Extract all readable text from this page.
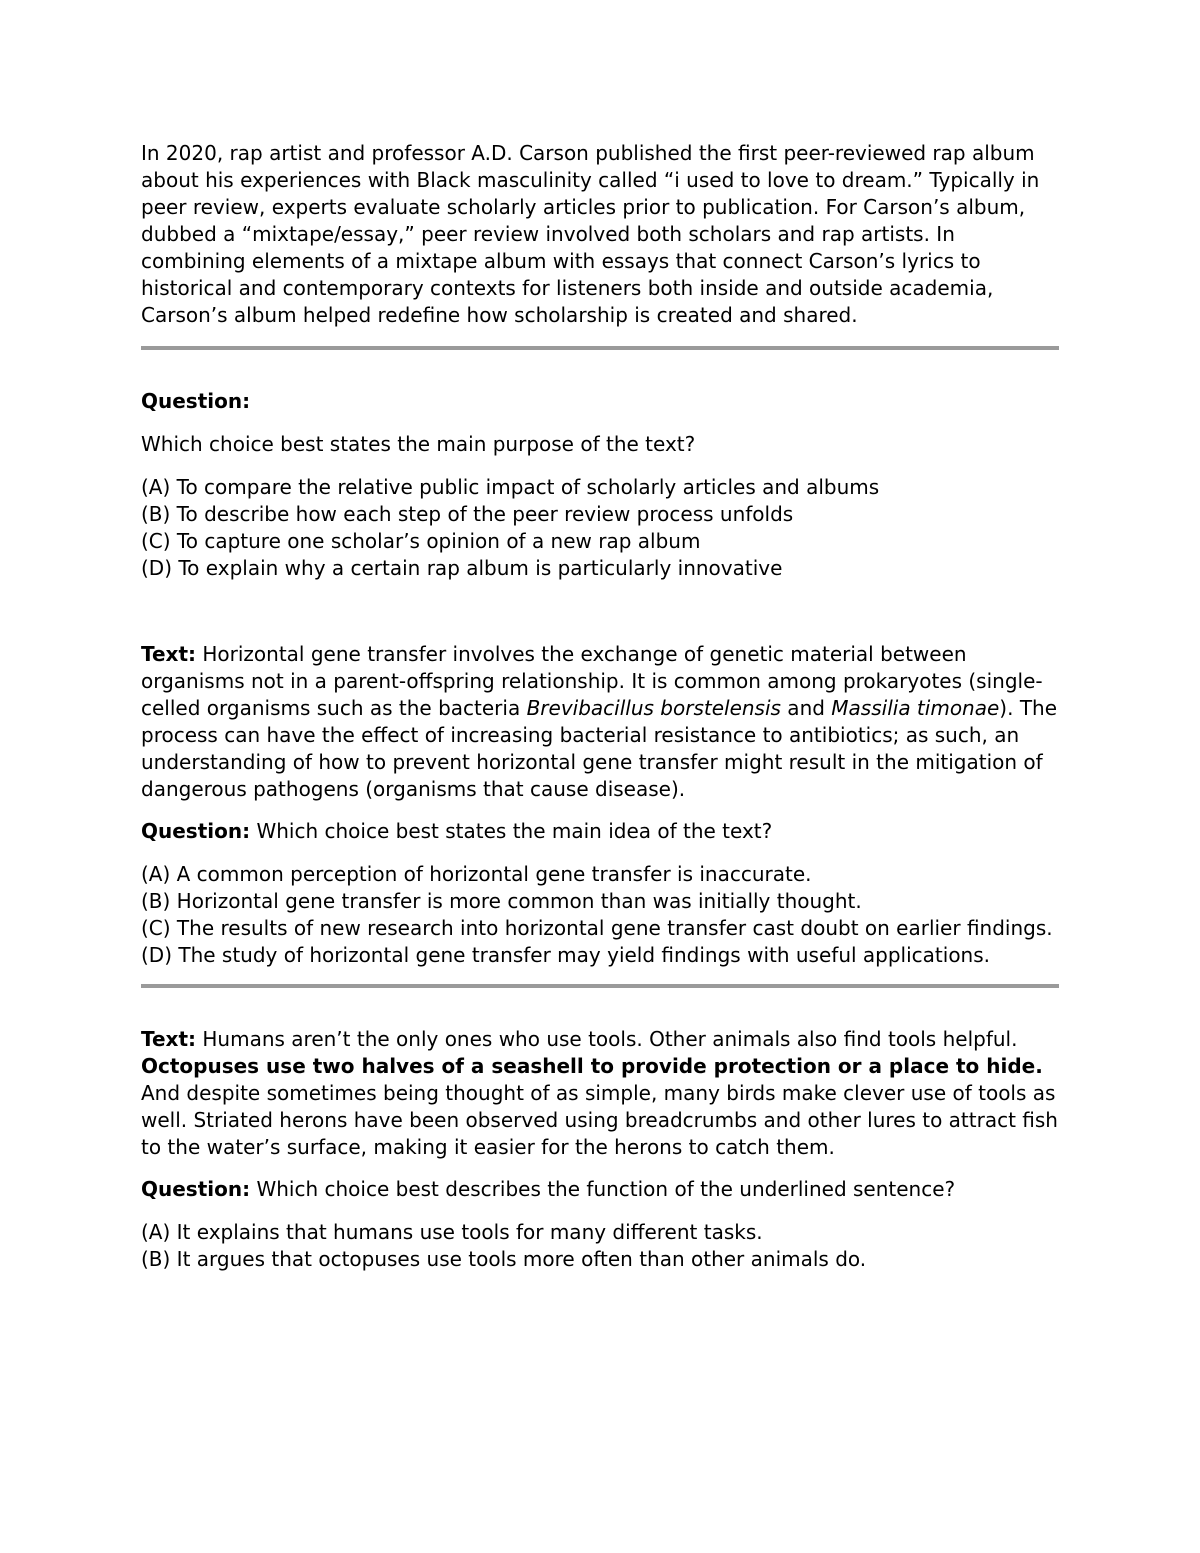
In 2020, rap artist and professor A.D. Carson published the first peer-reviewed rap album about his experiences with Black masculinity called “i used to love to dream.” Typically in peer review, experts evaluate scholarly articles prior to publication. For Carson’s album, dubbed a “mixtape/essay,” peer review involved both scholars and rap artists. In combining elements of a mixtape album with essays that connect Carson’s lyrics to historical and contemporary contexts for listeners both inside and outside academia, Carson’s album helped redefine how scholarship is created and shared.

Question:

Which choice best states the main purpose of the text?

(A) To compare the relative public impact of scholarly articles and albums
(B) To describe how each step of the peer review process unfolds
(C) To capture one scholar’s opinion of a new rap album
(D) To explain why a certain rap album is particularly innovative

Text: Horizontal gene transfer involves the exchange of genetic material between organisms not in a parent-offspring relationship. It is common among prokaryotes (single-celled organisms such as the bacteria Brevibacillus borstelensis and Massilia timonae). The process can have the effect of increasing bacterial resistance to antibiotics; as such, an understanding of how to prevent horizontal gene transfer might result in the mitigation of dangerous pathogens (organisms that cause disease).

Question: Which choice best states the main idea of the text?

(A) A common perception of horizontal gene transfer is inaccurate.
(B) Horizontal gene transfer is more common than was initially thought.
(C) The results of new research into horizontal gene transfer cast doubt on earlier findings.
(D) The study of horizontal gene transfer may yield findings with useful applications.

Text: Humans aren’t the only ones who use tools. Other animals also find tools helpful. Octopuses use two halves of a seashell to provide protection or a place to hide. And despite sometimes being thought of as simple, many birds make clever use of tools as well. Striated herons have been observed using breadcrumbs and other lures to attract fish to the water’s surface, making it easier for the herons to catch them.

Question: Which choice best describes the function of the underlined sentence?

(A) It explains that humans use tools for many different tasks.
(B) It argues that octopuses use tools more often than other animals do.
